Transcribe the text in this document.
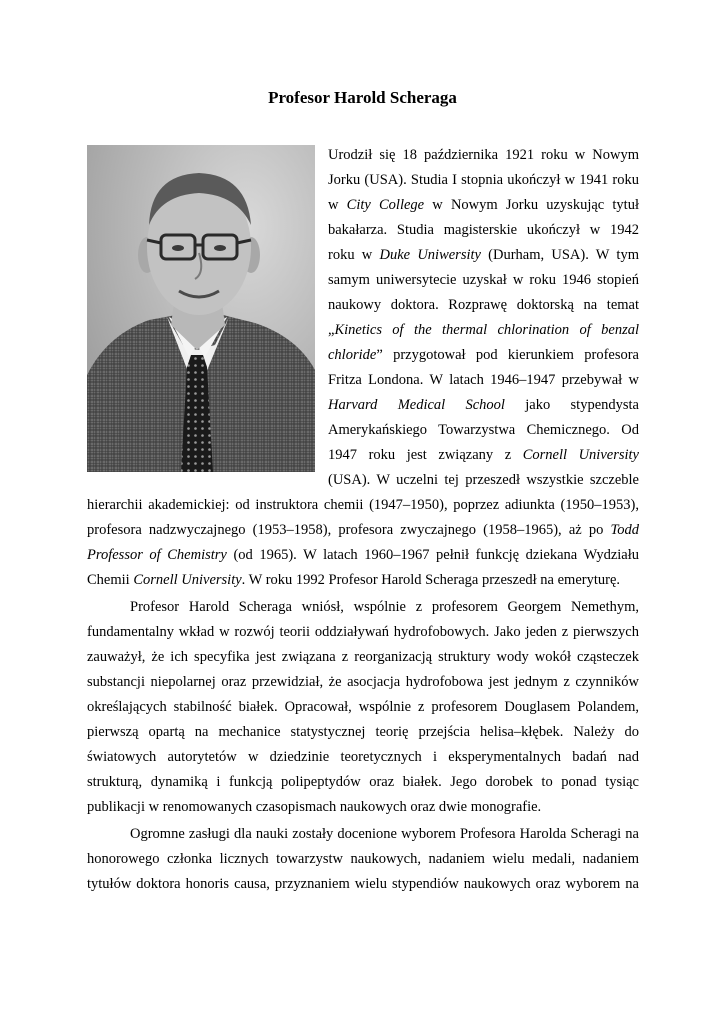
Profesor Harold Scheraga

Urodził się 18 października 1921 roku w Nowym

Jorku (USA). Studia I stopnia ukończył w 1941 roku

w City College w Nowym Jorku uzyskując tytuł

bakałarza. Studia magisterskie ukończył w 1942

roku w Duke Uniwersity (Durham, USA). W tym

samym uniwersytecie uzyskał w roku 1946 stopień

naukowy doktora. Rozprawę doktorską na temat

„Kinetics of the thermal chlorination of benzal

chloride” przygotował pod kierunkiem profesora

Fritza Londona. W latach 1946–1947 przebywał w

Harvard Medical School jako stypendysta

Amerykańskiego Towarzystwa Chemicznego. Od

1947 roku jest związany z Cornell University

(USA). W uczelni tej przeszedł wszystkie szczeble

hierarchii akademickiej: od instruktora chemii (1947–1950), poprzez adiunkta (1950–1953),

profesora nadzwyczajnego (1953–1958), profesora zwyczajnego (1958–1965), aż po Todd

Professor of Chemistry (od 1965). W latach 1960–1967 pełnił funkcję dziekana Wydziału

Chemii Cornell University. W roku 1992 Profesor Harold Scheraga przeszedł na emeryturę.

Profesor Harold Scheraga wniósł, wspólnie z profesorem Georgem Nemethym,

fundamentalny wkład w rozwój teorii oddziaływań hydrofobowych. Jako jeden z pierwszych

zauważył, że ich specyfika jest związana z reorganizacją struktury wody wokół cząsteczek

substancji niepolarnej oraz przewidział, że asocjacja hydrofobowa jest jednym z czynników

określających stabilność białek. Opracował, wspólnie z profesorem Douglasem Polandem,

pierwszą opartą na mechanice statystycznej teorię przejścia helisa–kłębek. Należy do

światowych autorytetów w dziedzinie teoretycznych i eksperymentalnych badań nad

strukturą, dynamiką i funkcją polipeptydów oraz białek. Jego dorobek to ponad tysiąc

publikacji w renomowanych czasopismach naukowych oraz dwie monografie.

Ogromne zasługi dla nauki zostały docenione wyborem Profesora Harolda Scheragi na

honorowego członka licznych towarzystw naukowych, nadaniem wielu medali, nadaniem

tytułów doktora honoris causa, przyznaniem wielu stypendiów naukowych oraz wyborem na
